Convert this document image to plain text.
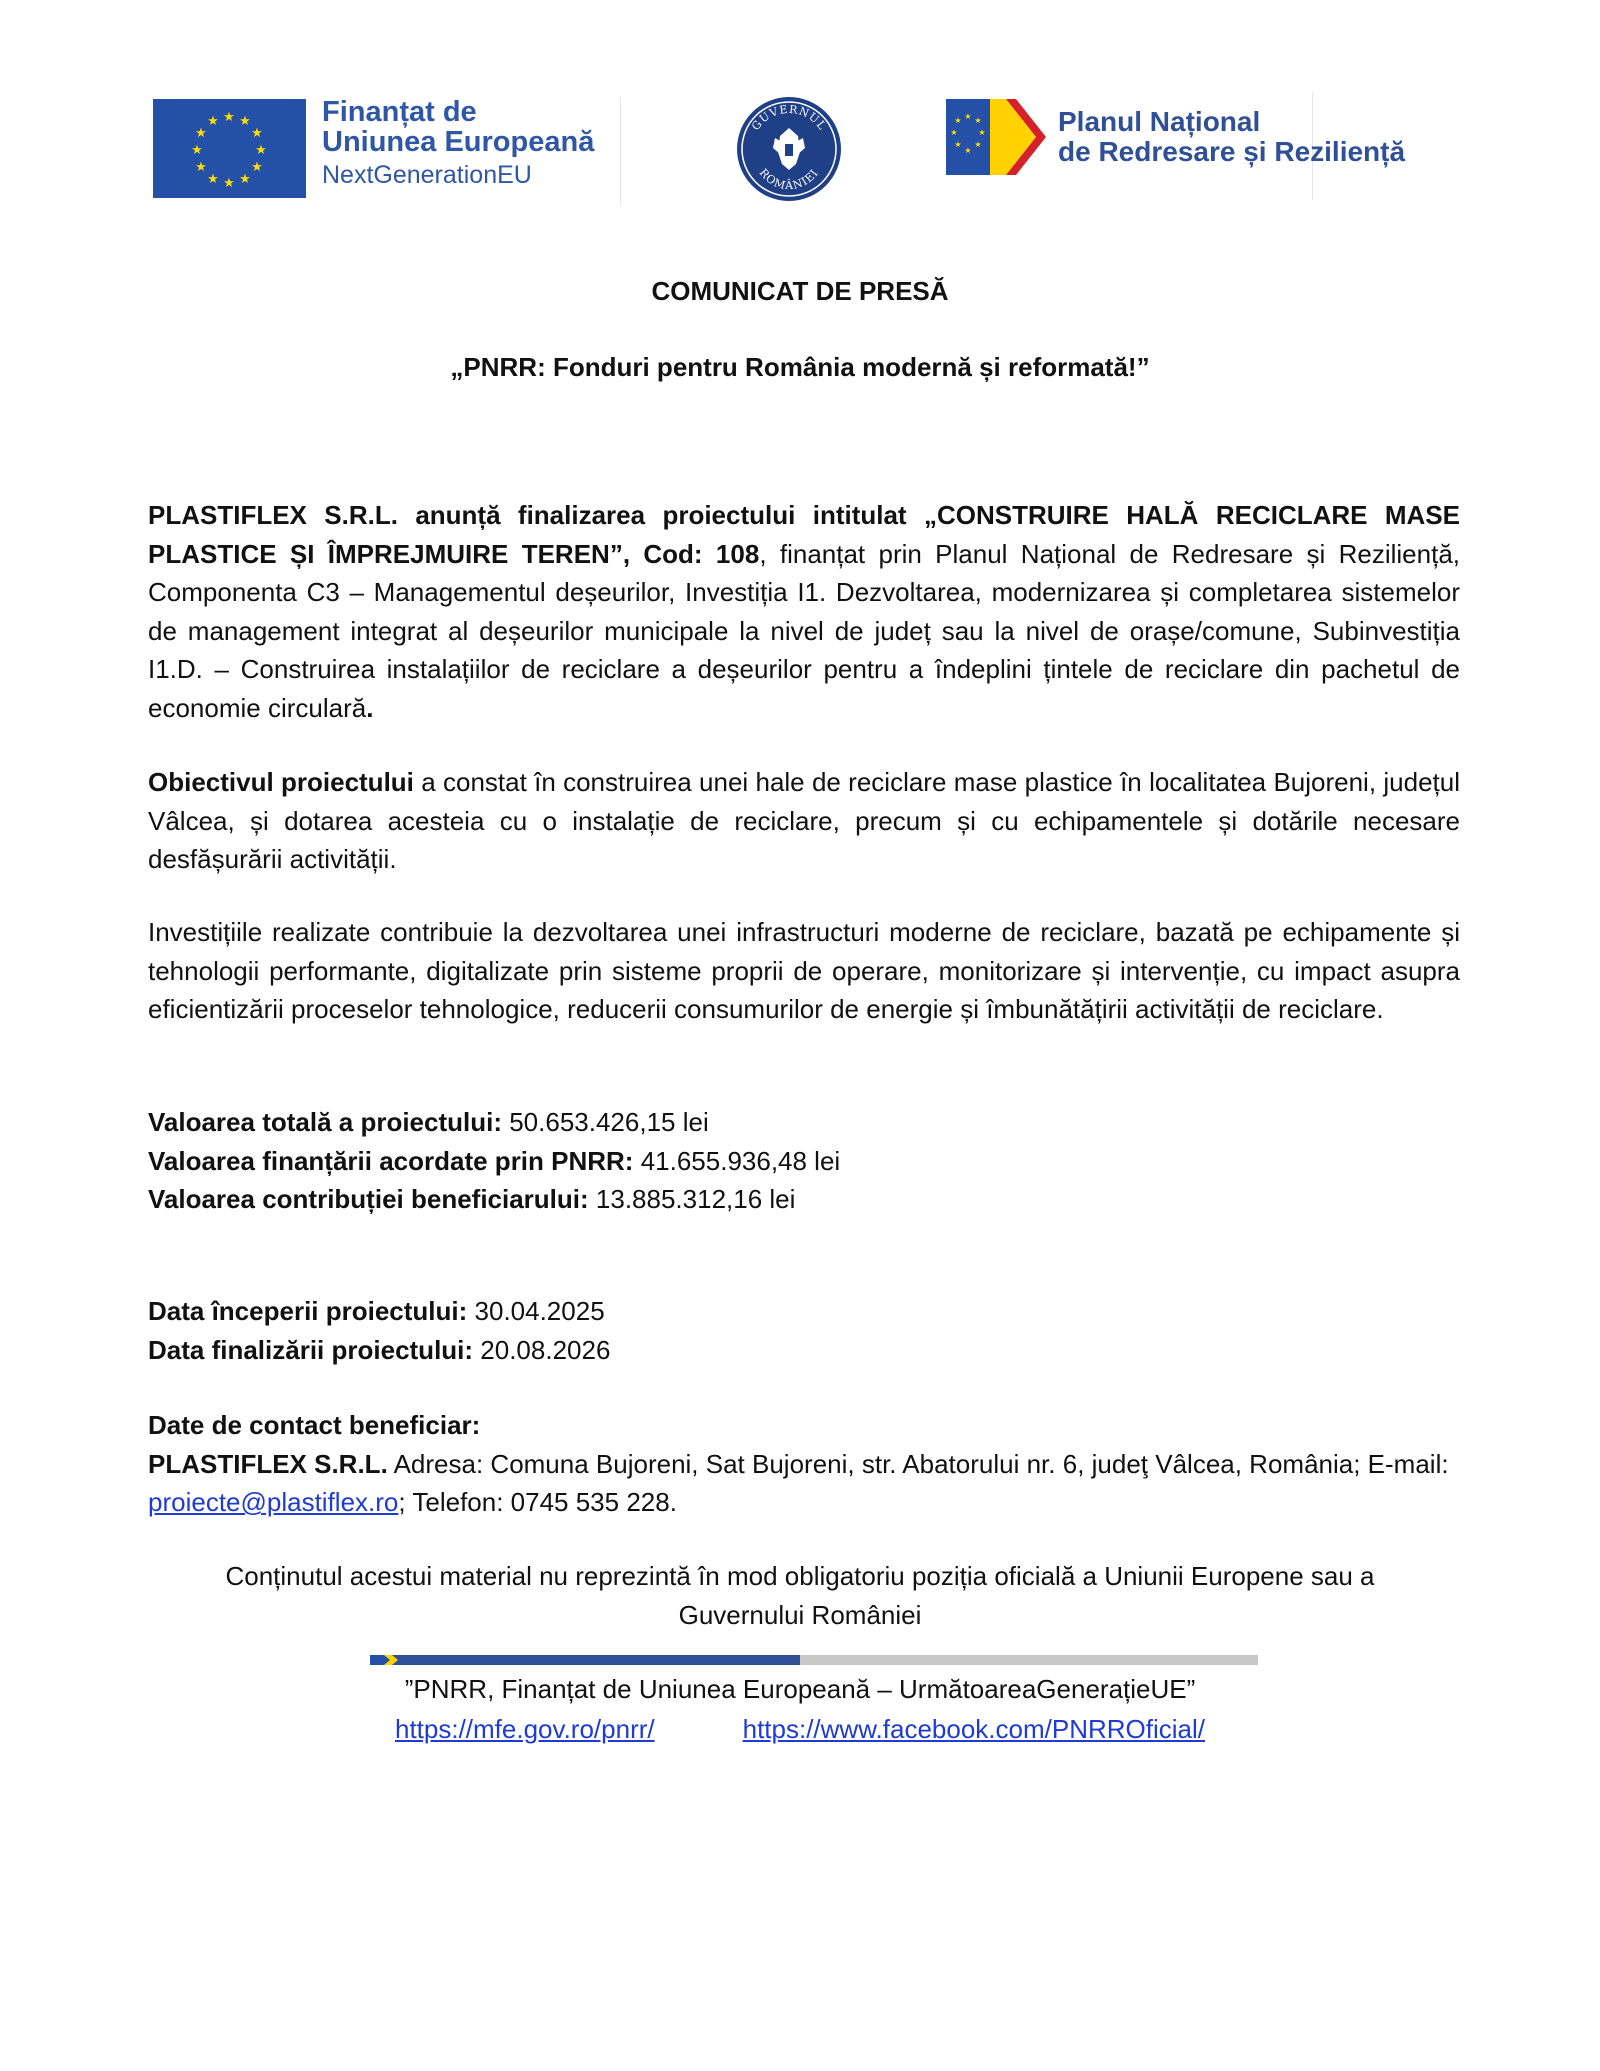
★ ★
★
★
★
★
★
★
★
★
★
★	Finanțat de
Uniunea Europeană
NextGenerationEU
GUVERNUL
ROMÂNIEI
★ ★
★
★
★
★
★
★	Planul Național
de Redresare și Reziliență
COMUNICAT DE PRESĂ
„PNRR: Fonduri pentru România modernă și reformată!”
PLASTIFLEX S.R.L. anunță finalizarea proiectului intitulat „CONSTRUIRE HALĂ RECICLARE MASE PLASTICE ȘI ÎMPREJMUIRE TEREN”, Cod: 108, finanțat prin Planul Național de Redresare și Reziliență, Componenta C3 – Managementul deșeurilor, Investiția I1. Dezvoltarea, modernizarea și completarea sistemelor de management integrat al deșeurilor municipale la nivel de județ sau la nivel de orașe/comune, Subinvestiția I1.D. – Construirea instalațiilor de reciclare a deșeurilor pentru a îndeplini țintele de reciclare din pachetul de economie circulară.
Obiectivul proiectului a constat în construirea unei hale de reciclare mase plastice în localitatea Bujoreni, județul Vâlcea, și dotarea acesteia cu o instalație de reciclare, precum și cu echipamentele și dotările necesare desfășurării activității.
Investițiile realizate contribuie la dezvoltarea unei infrastructuri moderne de reciclare, bazată pe echipamente și tehnologii performante, digitalizate prin sisteme proprii de operare, monitorizare și intervenție, cu impact asupra eficientizării proceselor tehnologice, reducerii consumurilor de energie și îmbunătățirii activității de reciclare.
Valoarea totală a proiectului: 50.653.426,15 lei
Valoarea finanțării acordate prin PNRR: 41.655.936,48 lei
Valoarea contribuției beneficiarului: 13.885.312,16 lei
Data începerii proiectului: 30.04.2025
Data finalizării proiectului: 20.08.2026
Date de contact beneficiar:
PLASTIFLEX S.R.L. Adresa: Comuna Bujoreni, Sat Bujoreni, str. Abatorului nr. 6, judeţ Vâlcea, România; E-mail: proiecte@plastiflex.ro; Telefon: 0745 535 228.
Conținutul acestui material nu reprezintă în mod obligatoriu poziția oficială a Uniunii Europene sau a Guvernului României
”PNRR, Finanțat de Uniunea Europeană – UrmătoareaGenerațieUE”
https://mfe.gov.ro/pnrr/	https://www.facebook.com/PNRROficial/
